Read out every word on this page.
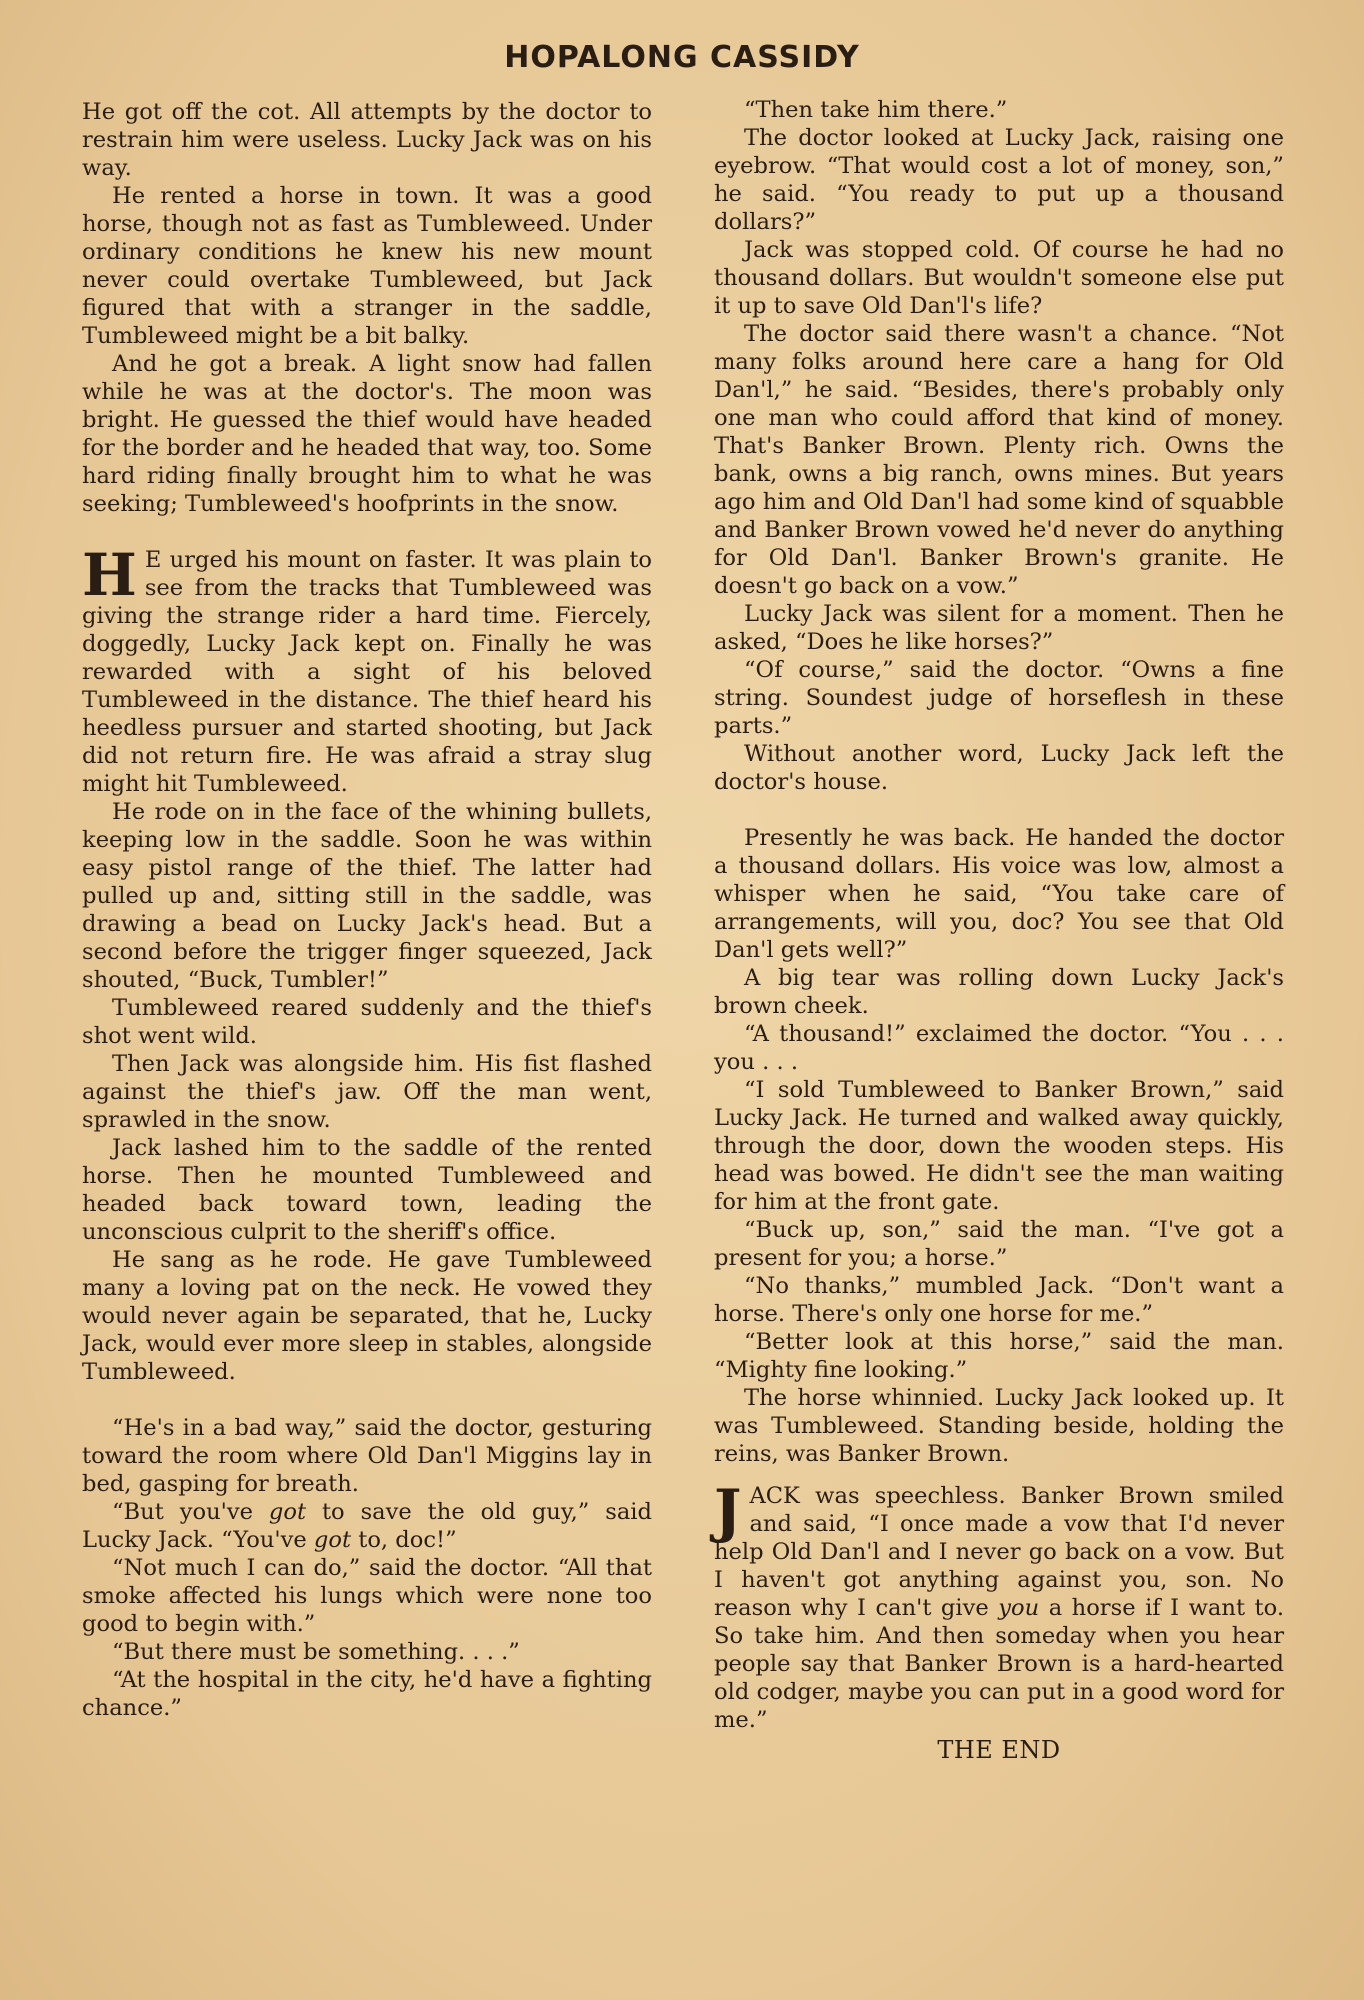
HOPALONG CASSIDY

He got off the cot. All attempts by the doctor to restrain him were useless. Lucky Jack was on his way.

He rented a horse in town. It was a good horse, though not as fast as Tumbleweed. Under ordinary conditions he knew his new mount never could overtake Tumbleweed, but Jack figured that with a stranger in the saddle, Tumbleweed might be a bit balky.

And he got a break. A light snow had fallen while he was at the doctor's. The moon was bright. He guessed the thief would have headed for the border and he headed that way, too. Some hard riding finally brought him to what he was seeking; Tumbleweed's hoofprints in the snow.

H E urged his mount on faster. It was plain to see from the tracks that Tumbleweed was giving the strange rider a hard time. Fiercely, doggedly, Lucky Jack kept on. Finally he was rewarded with a sight of his beloved Tumbleweed in the distance. The thief heard his heedless pursuer and started shooting, but Jack did not return fire. He was afraid a stray slug might hit Tumbleweed.

He rode on in the face of the whining bullets, keeping low in the saddle. Soon he was within easy pistol range of the thief. The latter had pulled up and, sitting still in the saddle, was drawing a bead on Lucky Jack's head. But a second before the trigger finger squeezed, Jack shouted, “Buck, Tumbler!”

Tumbleweed reared suddenly and the thief's shot went wild.

Then Jack was alongside him. His fist flashed against the thief's jaw. Off the man went, sprawled in the snow.

Jack lashed him to the saddle of the rented horse. Then he mounted Tumbleweed and headed back toward town, leading the unconscious culprit to the sheriff's office.

He sang as he rode. He gave Tumbleweed many a loving pat on the neck. He vowed they would never again be separated, that he, Lucky Jack, would ever more sleep in stables, alongside Tumbleweed.

“He's in a bad way,” said the doctor, gesturing toward the room where Old Dan'l Miggins lay in bed, gasping for breath.

“But you've got to save the old guy,” said Lucky Jack. “You've got to, doc!”

“Not much I can do,” said the doctor. “All that smoke affected his lungs which were none too good to begin with.”

“But there must be something. . . .”

“At the hospital in the city, he'd have a fighting chance.”

“Then take him there.”

The doctor looked at Lucky Jack, raising one eyebrow. “That would cost a lot of money, son,” he said. “You ready to put up a thousand dollars?”

Jack was stopped cold. Of course he had no thousand dollars. But wouldn't someone else put it up to save Old Dan'l's life?

The doctor said there wasn't a chance. “Not many folks around here care a hang for Old Dan'l,” he said. “Besides, there's probably only one man who could afford that kind of money. That's Banker Brown. Plenty rich. Owns the bank, owns a big ranch, owns mines. But years ago him and Old Dan'l had some kind of squabble and Banker Brown vowed he'd never do anything for Old Dan'l. Banker Brown's granite. He doesn't go back on a vow.”

Lucky Jack was silent for a moment. Then he asked, “Does he like horses?”

“Of course,” said the doctor. “Owns a fine string. Soundest judge of horseflesh in these parts.”

Without another word, Lucky Jack left the doctor's house.

Presently he was back. He handed the doctor a thousand dollars. His voice was low, almost a whisper when he said, “You take care of arrangements, will you, doc? You see that Old Dan'l gets well?”

A big tear was rolling down Lucky Jack's brown cheek.

“A thousand!” exclaimed the doctor. “You . . . you . . .

“I sold Tumbleweed to Banker Brown,” said Lucky Jack. He turned and walked away quickly, through the door, down the wooden steps. His head was bowed. He didn't see the man waiting for him at the front gate.

“Buck up, son,” said the man. “I've got a present for you; a horse.”

“No thanks,” mumbled Jack. “Don't want a horse. There's only one horse for me.”

“Better look at this horse,” said the man. “Mighty fine looking.”

The horse whinnied. Lucky Jack looked up. It was Tumbleweed. Standing beside, holding the reins, was Banker Brown.

JACK was speechless. Banker Brown smiled and said, “I once made a vow that I'd never help Old Dan'l and I never go back on a vow. But I haven't got anything against you, son. No reason why I can't give you a horse if I want to. So take him. And then someday when you hear people say that Banker Brown is a hard-hearted old codger, maybe you can put in a good word for me.”

THE END
